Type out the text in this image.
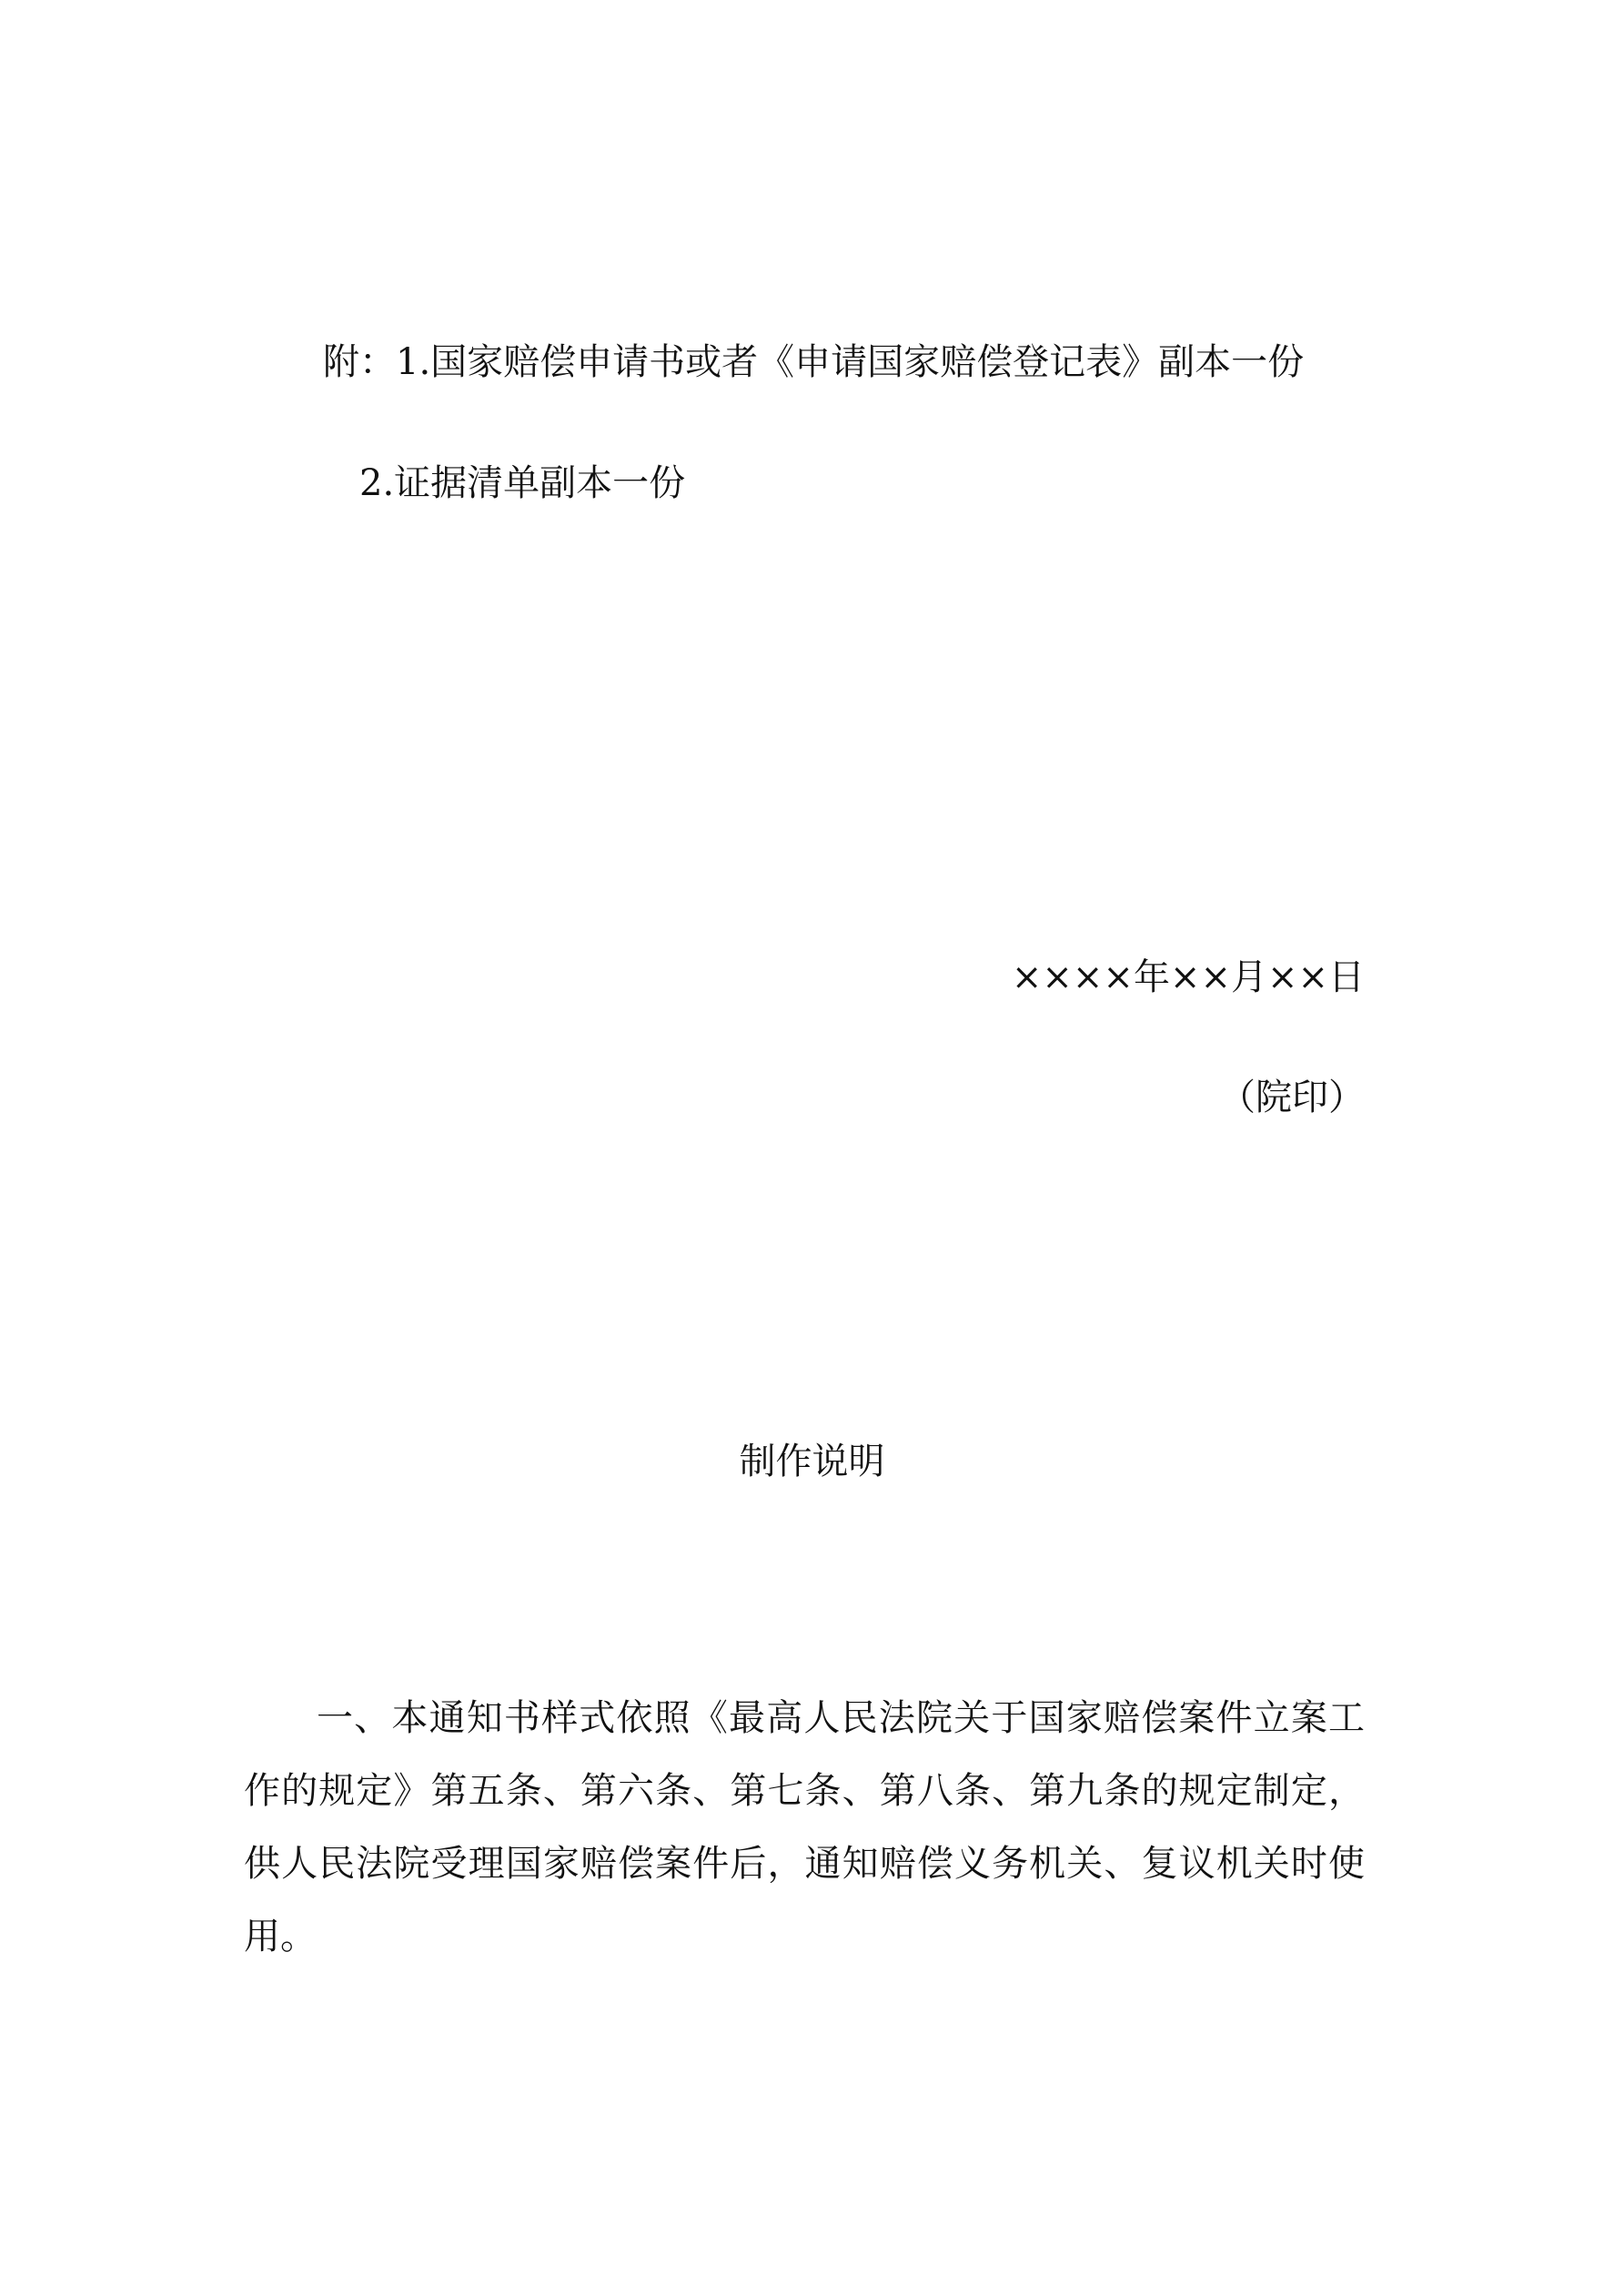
附：1.国家赔偿申请书或者《申请国家赔偿登记表》副本一份
2.证据清单副本一份
××××年××月××日
（院印）
制作说明

一、本通知书样式依照《最高人民法院关于国家赔偿案件立案工作的规定》第五条、第六条、第七条、第八条、第九条的规定制定，供人民法院受理国家赔偿案件后，通知赔偿义务机关、复议机关时使用。
